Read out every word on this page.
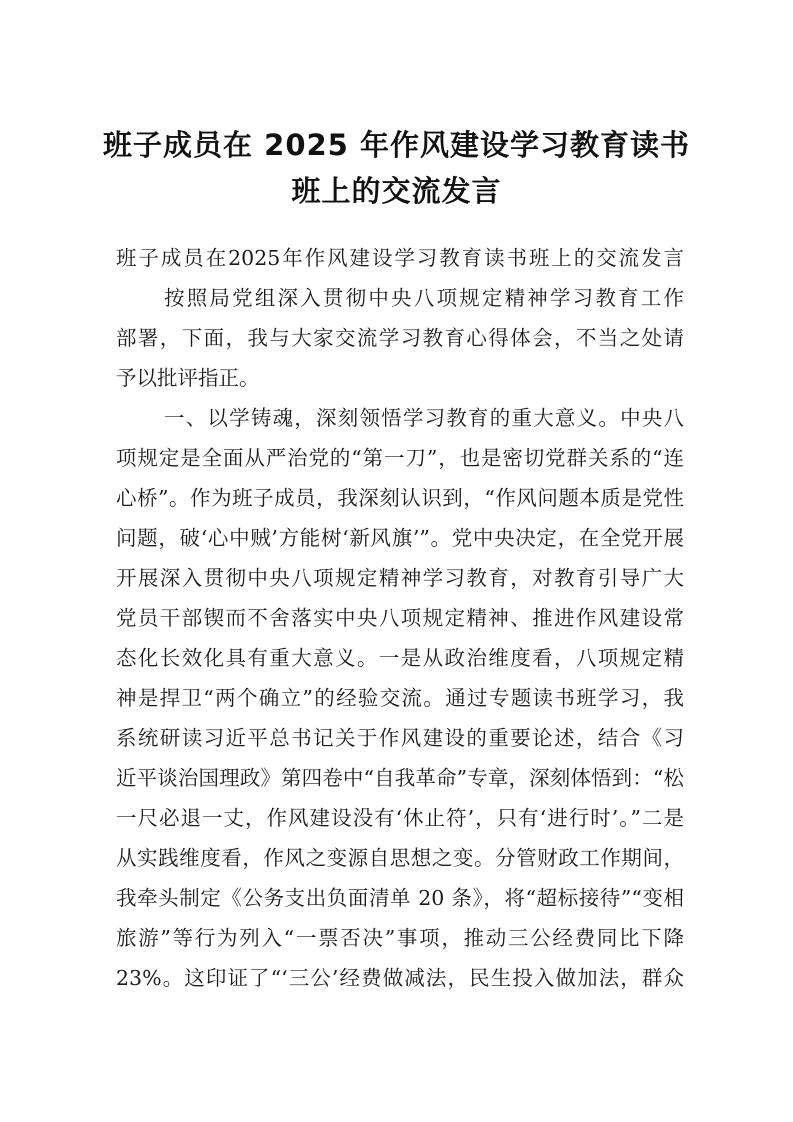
班子成员在 2025 年作风建设学习教育读书
班上的交流发言
班子成员在2025年作风建设学习教育读书班上的交流发言
按照局党组深入贯彻中央八项规定精神学习教育工作
部署，下面，我与大家交流学习教育心得体会，不当之处请
予以批评指正。
一、以学铸魂，深刻领悟学习教育的重大意义。中央八
项规定是全面从严治党的“第一刀”，也是密切党群关系的“连
心桥”。作为班子成员，我深刻认识到，“作风问题本质是党性
问题，破‘心中贼’方能树‘新风旗’”。党中央决定，在全党开展
开展深入贯彻中央八项规定精神学习教育，对教育引导广大
党员干部锲而不舍落实中央八项规定精神、推进作风建设常
态化长效化具有重大意义。一是从政治维度看，八项规定精
神是捍卫“两个确立”的经验交流。通过专题读书班学习，我
系统研读习近平总书记关于作风建设的重要论述，结合《习
近平谈治国理政》第四卷中“自我革命”专章，深刻体悟到：“松
一尺必退一丈，作风建设没有‘休止符’，只有‘进行时’。”二是
从实践维度看，作风之变源自思想之变。分管财政工作期间，
我牵头制定《公务支出负面清单 20 条》，将“超标接待”“变相
旅游”等行为列入“一票否决”事项，推动三公经费同比下降
23%。这印证了“‘三公’经费做减法，民生投入做加法，群众
